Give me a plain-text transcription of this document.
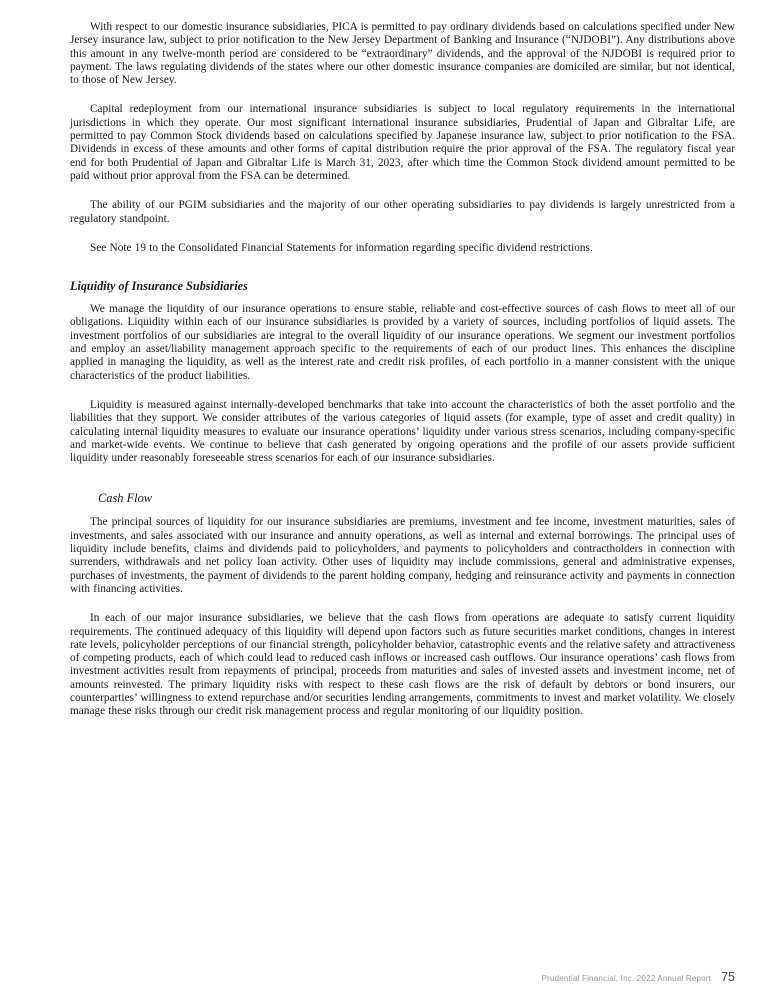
With respect to our domestic insurance subsidiaries, PICA is permitted to pay ordinary dividends based on calculations specified under New Jersey insurance law, subject to prior notification to the New Jersey Department of Banking and Insurance (“NJDOBI”). Any distributions above this amount in any twelve-month period are considered to be “extraordinary” dividends, and the approval of the NJDOBI is required prior to payment. The laws regulating dividends of the states where our other domestic insurance companies are domiciled are similar, but not identical, to those of New Jersey.

Capital redeployment from our international insurance subsidiaries is subject to local regulatory requirements in the international jurisdictions in which they operate. Our most significant international insurance subsidiaries, Prudential of Japan and Gibraltar Life, are permitted to pay Common Stock dividends based on calculations specified by Japanese insurance law, subject to prior notification to the FSA. Dividends in excess of these amounts and other forms of capital distribution require the prior approval of the FSA. The regulatory fiscal year end for both Prudential of Japan and Gibraltar Life is March 31, 2023, after which time the Common Stock dividend amount permitted to be paid without prior approval from the FSA can be determined.

The ability of our PGIM subsidiaries and the majority of our other operating subsidiaries to pay dividends is largely unrestricted from a regulatory standpoint.

See Note 19 to the Consolidated Financial Statements for information regarding specific dividend restrictions.

Liquidity of Insurance Subsidiaries

We manage the liquidity of our insurance operations to ensure stable, reliable and cost-effective sources of cash flows to meet all of our obligations. Liquidity within each of our insurance subsidiaries is provided by a variety of sources, including portfolios of liquid assets. The investment portfolios of our subsidiaries are integral to the overall liquidity of our insurance operations. We segment our investment portfolios and employ an asset/liability management approach specific to the requirements of each of our product lines. This enhances the discipline applied in managing the liquidity, as well as the interest rate and credit risk profiles, of each portfolio in a manner consistent with the unique characteristics of the product liabilities.

Liquidity is measured against internally-developed benchmarks that take into account the characteristics of both the asset portfolio and the liabilities that they support. We consider attributes of the various categories of liquid assets (for example, type of asset and credit quality) in calculating internal liquidity measures to evaluate our insurance operations’ liquidity under various stress scenarios, including company-specific and market-wide events. We continue to believe that cash generated by ongoing operations and the profile of our assets provide sufficient liquidity under reasonably foreseeable stress scenarios for each of our insurance subsidiaries.

Cash Flow

The principal sources of liquidity for our insurance subsidiaries are premiums, investment and fee income, investment maturities, sales of investments, and sales associated with our insurance and annuity operations, as well as internal and external borrowings. The principal uses of liquidity include benefits, claims and dividends paid to policyholders, and payments to policyholders and contractholders in connection with surrenders, withdrawals and net policy loan activity. Other uses of liquidity may include commissions, general and administrative expenses, purchases of investments, the payment of dividends to the parent holding company, hedging and reinsurance activity and payments in connection with financing activities.

In each of our major insurance subsidiaries, we believe that the cash flows from operations are adequate to satisfy current liquidity requirements. The continued adequacy of this liquidity will depend upon factors such as future securities market conditions, changes in interest rate levels, policyholder perceptions of our financial strength, policyholder behavior, catastrophic events and the relative safety and attractiveness of competing products, each of which could lead to reduced cash inflows or increased cash outflows. Our insurance operations’ cash flows from investment activities result from repayments of principal, proceeds from maturities and sales of invested assets and investment income, net of amounts reinvested. The primary liquidity risks with respect to these cash flows are the risk of default by debtors or bond insurers, our counterparties’ willingness to extend repurchase and/or securities lending arrangements, commitments to invest and market volatility. We closely manage these risks through our credit risk management process and regular monitoring of our liquidity position.

Prudential Financial, Inc. 2022 Annual Report 75
